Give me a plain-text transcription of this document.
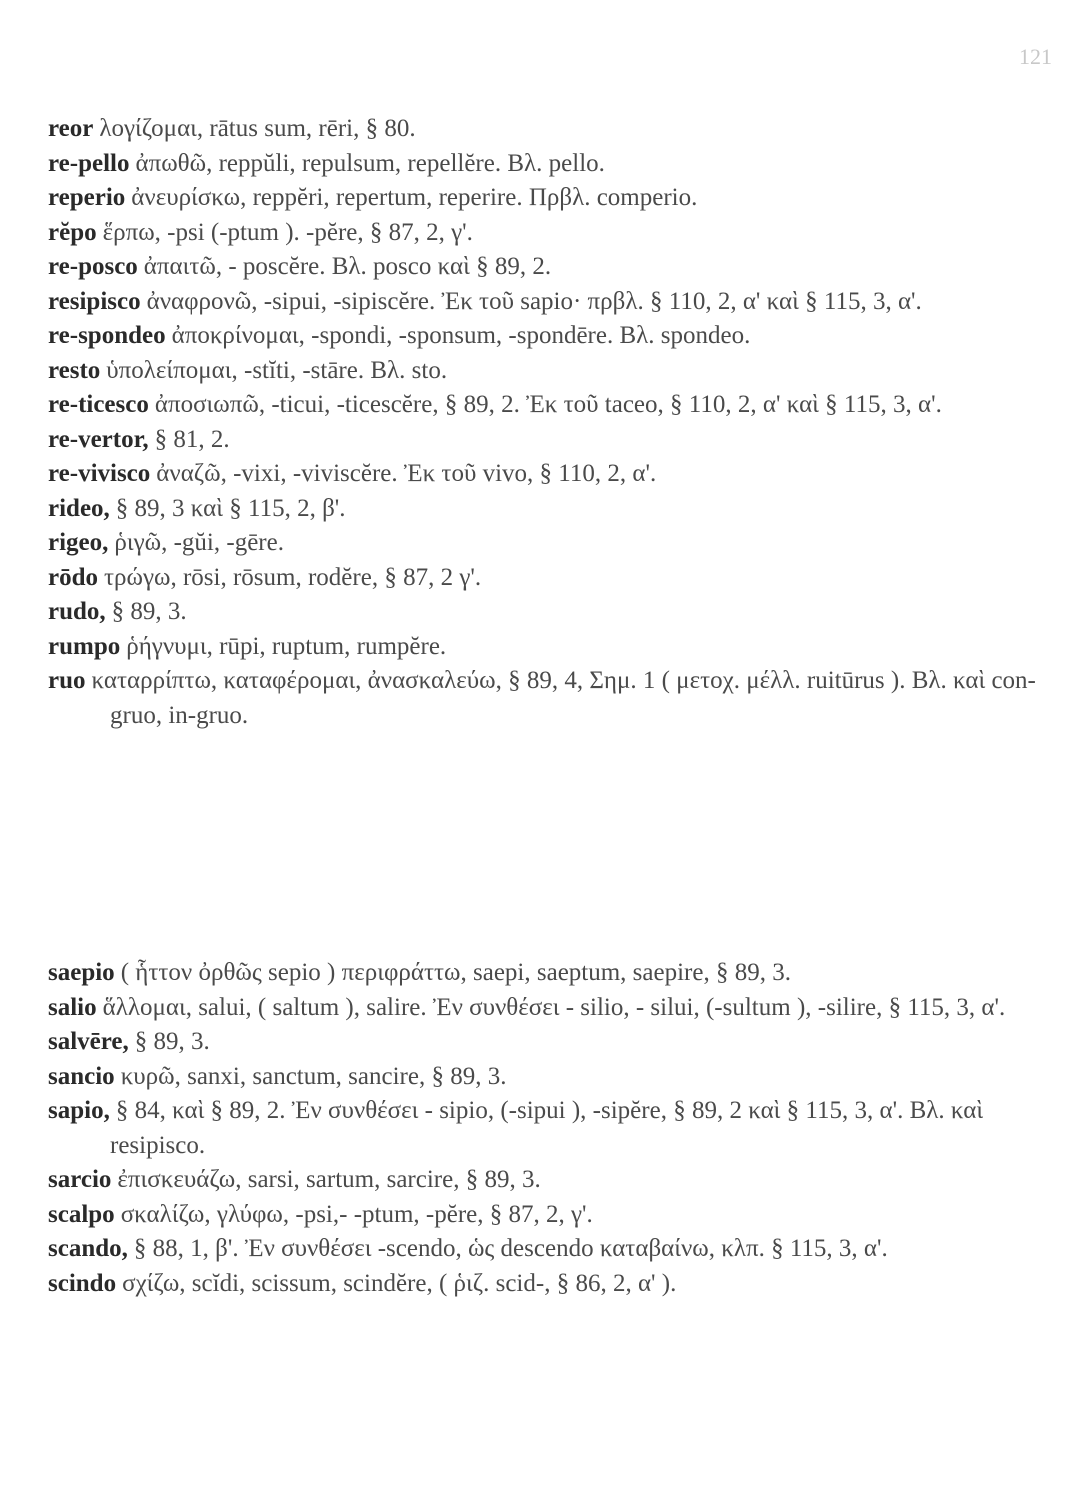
121
reor λογίζομαι, rātus sum, rēri, § 80.
re-pello ἀπωθῶ, reppŭli, repulsum, repellĕre. Βλ. pello.
reperio ἀνευρίσκω, reppĕri, repertum, reperire. Πρβλ. comperio.
rĕpo ἕρπω, -psi (-ptum ). -pĕre, § 87, 2, γ'.
re-posco ἀπαιτῶ, - poscĕre. Βλ. posco καὶ § 89, 2.
resipisco ἀναφρονῶ, -sipui, -sipiscĕre. Ἐκ τοῦ sapio· πρβλ. § 110, 2, α' καὶ § 115, 3, α'.
re-spondeo ἀποκρίνομαι, -spondi, -sponsum, -spondēre. Βλ. spondeo.
resto ὑπολείπομαι, -stĭti, -stāre. Βλ. sto.
re-ticesco ἀποσιωπῶ, -ticui, -ticescĕre, § 89, 2. Ἐκ τοῦ taceo, § 110, 2, α' καὶ § 115, 3, α'.
re-vertor, § 81, 2.
re-vivisco ἀναζῶ, -vixi, -viviscĕre. Ἐκ τοῦ vivo, § 110, 2, α'.
rideo, § 89, 3 καὶ § 115, 2, β'.
rigeo, ῥιγῶ, -gŭi, -gēre.
rōdo τρώγω, rōsi, rōsum, rodĕre, § 87, 2 γ'.
rudo, § 89, 3.
rumpo ῥήγνυμι, rūpi, ruptum, rumpĕre.
ruo καταρρίπτω, καταφέρομαι, ἀνασκαλεύω, § 89, 4, Σημ. 1 ( μετοχ. μέλλ. ruitūrus ). Βλ. καὶ con-gruo, in-gruo.
saepio ( ἧττον ὀρθῶς sepio ) περιφράττω, saepi, saeptum, saepire, § 89, 3.
salio ἅλλομαι, salui, ( saltum ), salire. Ἐν συνθέσει - silio, - silui, (-sultum ), -silire, § 115, 3, α'.
salvēre, § 89, 3.
sancio κυρῶ, sanxi, sanctum, sancire, § 89, 3.
sapio, § 84, καὶ § 89, 2. Ἐν συνθέσει - sipio, (-sipui ), -sipĕre, § 89, 2 καὶ § 115, 3, α'. Βλ. καὶ resipisco.
sarcio ἐπισκευάζω, sarsi, sartum, sarcire, § 89, 3.
scalpo σκαλίζω, γλύφω, -psi,- -ptum, -pĕre, § 87, 2, γ'.
scando, § 88, 1, β'. Ἐν συνθέσει -scendo, ὡς descendo καταβαίνω, κλπ. § 115, 3, α'.
scindo σχίζω, scĭdi, scissum, scindĕre, ( ῥιζ. scid-, § 86, 2, α' ).
